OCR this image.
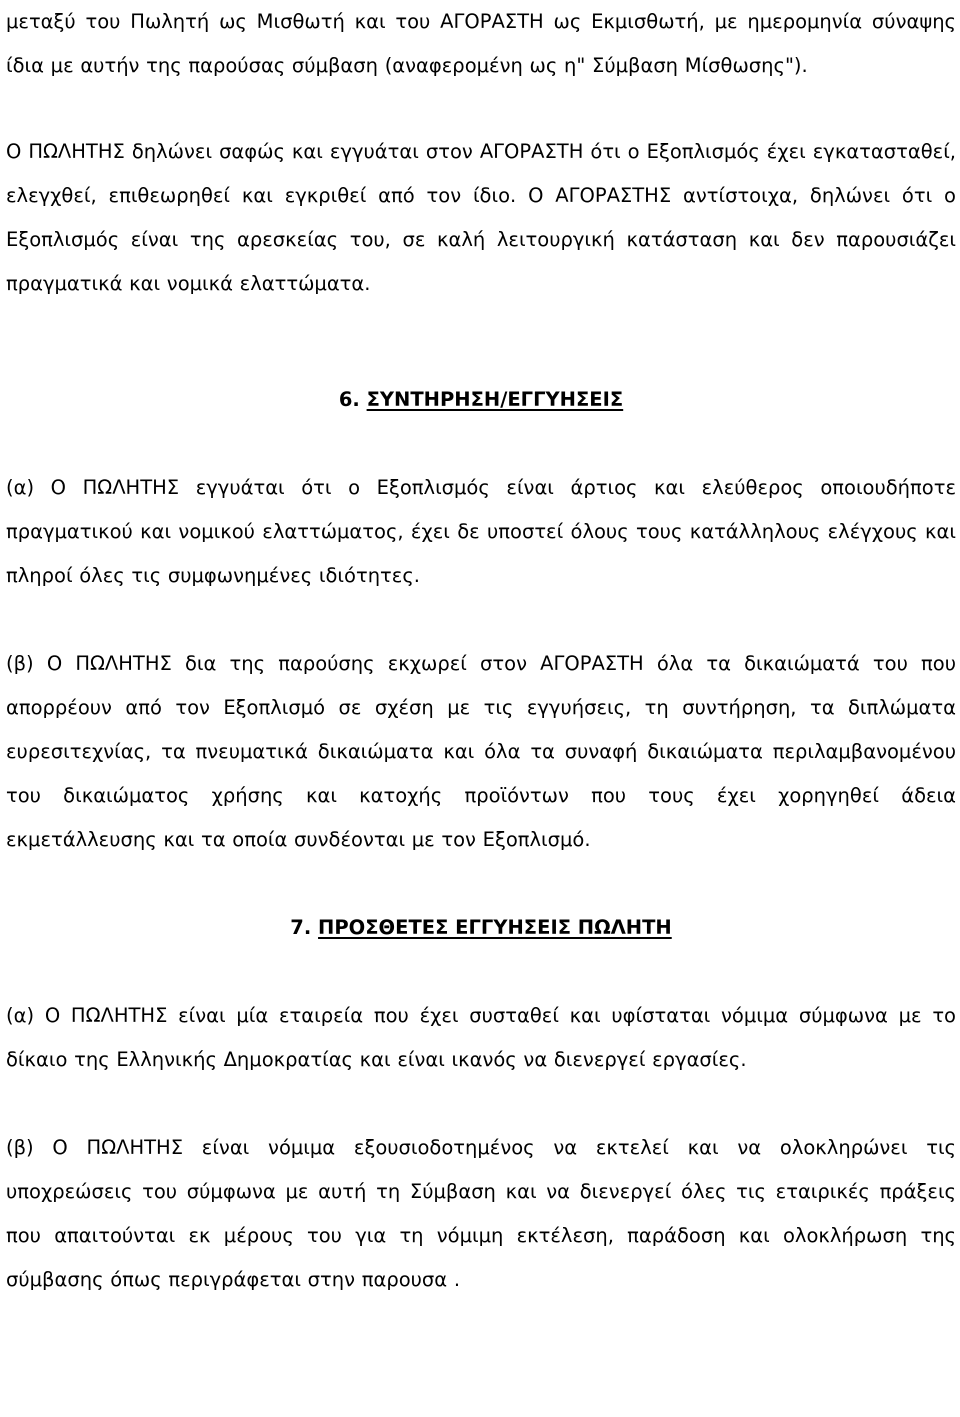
μεταξύ του Πωλητή ως Μισθωτή και του ΑΓΟΡΑΣΤΗ ως Εκμισθωτή, με ημερομηνία σύναψης ίδια με αυτήν της παρούσας σύμβαση (αναφερομένη ως η" Σύμβαση Μίσθωσης").

Ο ΠΩΛΗΤΗΣ δηλώνει σαφώς και εγγυάται στον ΑΓΟΡΑΣΤΗ ότι ο Εξοπλισμός έχει εγκατασταθεί, ελεγχθεί, επιθεωρηθεί και εγκριθεί από τον ίδιο. Ο ΑΓΟΡΑΣΤΗΣ αντίστοιχα, δηλώνει ότι ο Εξοπλισμός είναι της αρεσκείας του, σε καλή λειτουργική κατάσταση και δεν παρουσιάζει πραγματικά και νομικά ελαττώματα.

6. ΣΥΝΤΗΡΗΣΗ/ΕΓΓΥΗΣΕΙΣ

(α) Ο ΠΩΛΗΤΗΣ εγγυάται ότι ο Εξοπλισμός είναι άρτιος και ελεύθερος οποιουδήποτε πραγματικού και νομικού ελαττώματος, έχει δε υποστεί όλους τους κατάλληλους ελέγχους και πληροί όλες τις συμφωνημένες ιδιότητες.

(β) Ο ΠΩΛΗΤΗΣ δια της παρούσης εκχωρεί στον ΑΓΟΡΑΣΤΗ όλα τα δικαιώματά του που απορρέουν από τον Εξοπλισμό σε σχέση με τις εγγυήσεις, τη συντήρηση, τα διπλώματα ευρεσιτεχνίας, τα πνευματικά δικαιώματα και όλα τα συναφή δικαιώματα περιλαμβανομένου του δικαιώματος χρήσης και κατοχής προϊόντων που τους έχει χορηγηθεί άδεια εκμετάλλευσης και τα οποία συνδέονται με τον Εξοπλισμό.

7. ΠΡΟΣΘΕΤΕΣ ΕΓΓΥΗΣΕΙΣ ΠΩΛΗΤΗ

(α) Ο ΠΩΛΗΤΗΣ είναι μία εταιρεία που έχει συσταθεί και υφίσταται νόμιμα σύμφωνα με το δίκαιο της Ελληνικής Δημοκρατίας και είναι ικανός να διενεργεί εργασίες.

(β) Ο ΠΩΛΗΤΗΣ είναι νόμιμα εξουσιοδοτημένος να εκτελεί και να ολοκληρώνει τις υποχρεώσεις του σύμφωνα με αυτή τη Σύμβαση και να διενεργεί όλες τις εταιρικές πράξεις που απαιτούνται εκ μέρους του για τη νόμιμη εκτέλεση, παράδοση και ολοκλήρωση της σύμβασης όπως περιγράφεται στην παρουσα .
